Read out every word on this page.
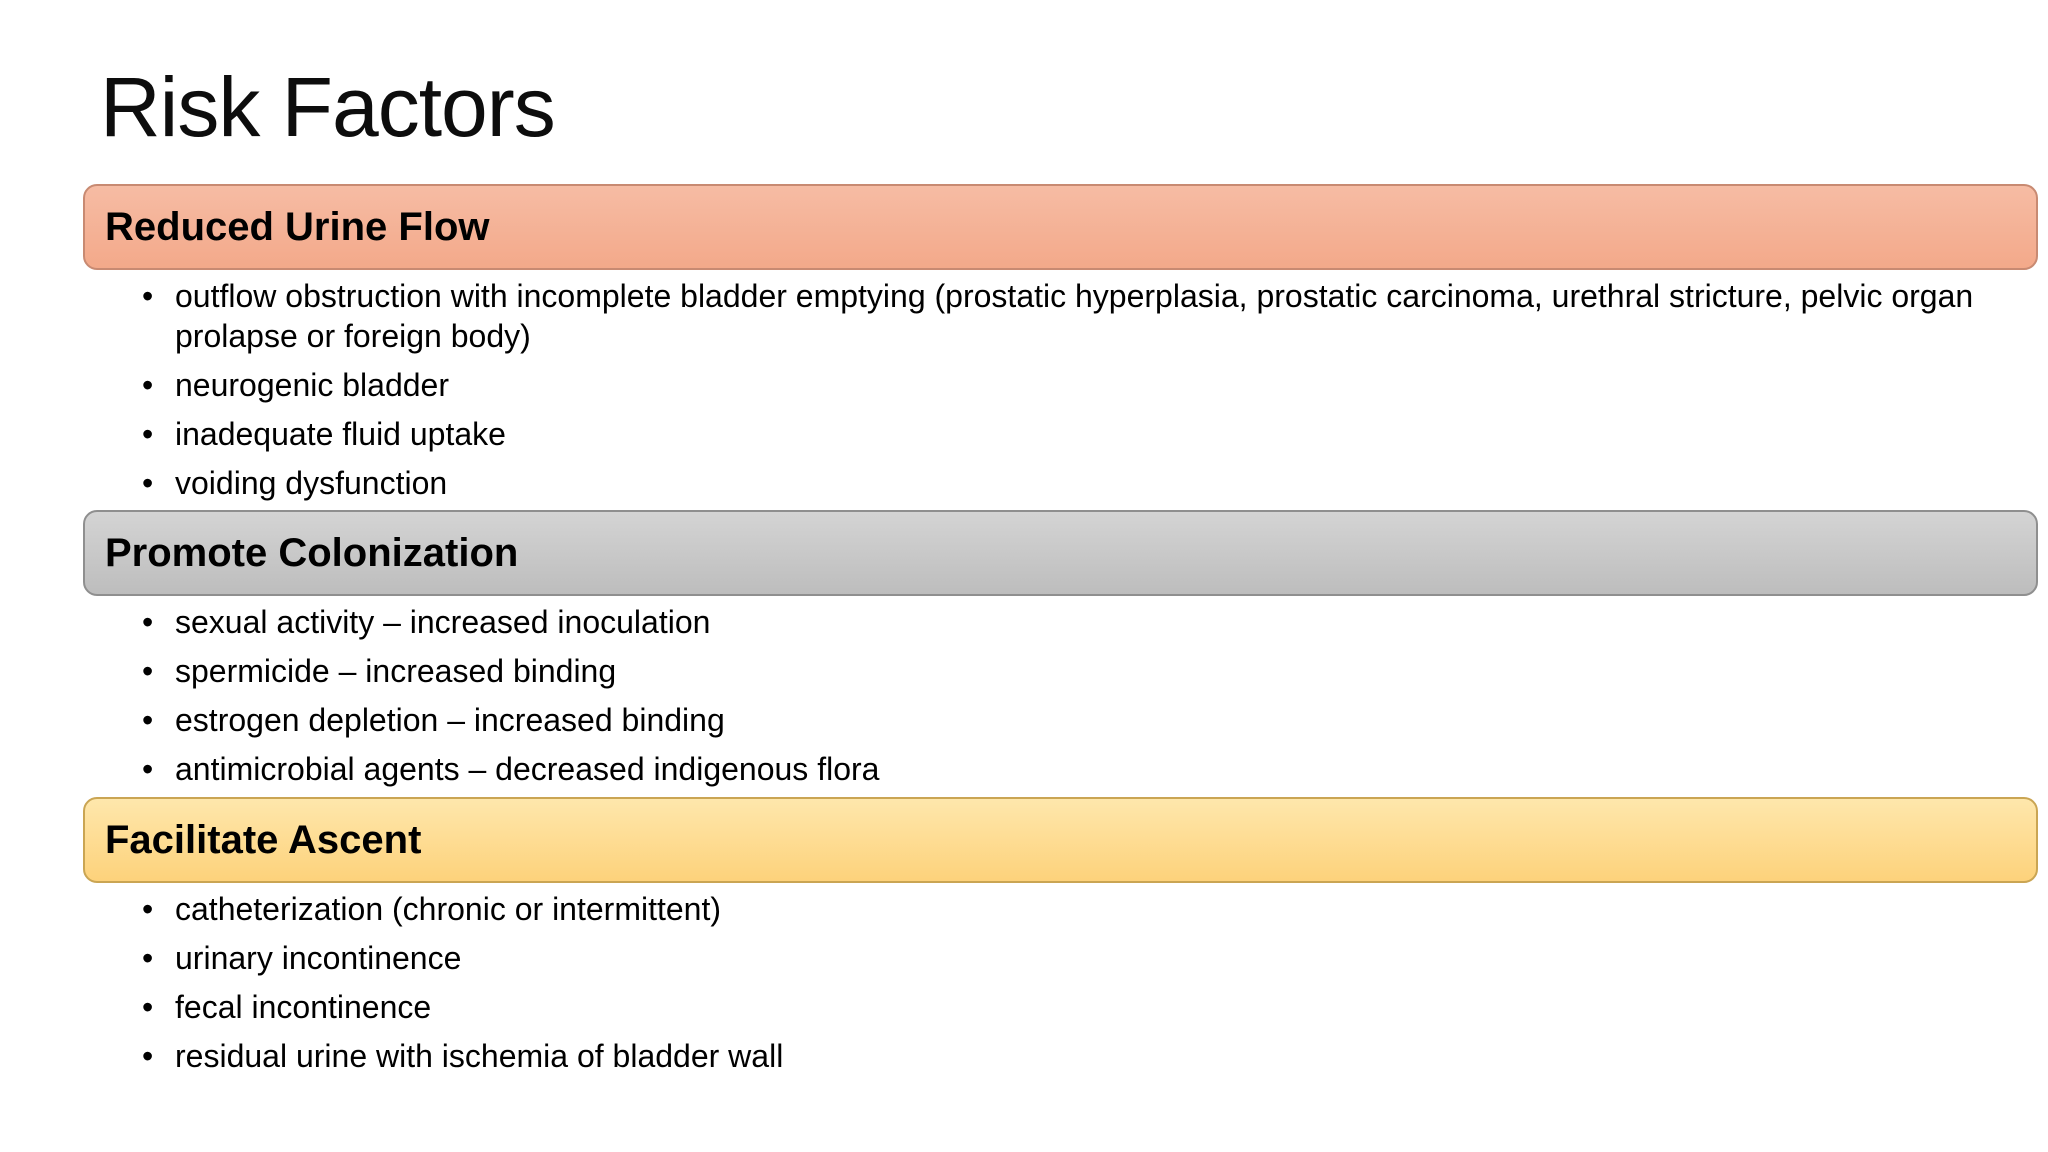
Risk Factors
Reduced Urine Flow
• outflow obstruction with incomplete bladder emptying (prostatic hyperplasia, prostatic carcinoma, urethral stricture, pelvic organ prolapse or foreign body)
• neurogenic bladder
• inadequate fluid uptake
• voiding dysfunction
Promote Colonization
• sexual activity – increased inoculation
• spermicide – increased binding
• estrogen depletion – increased binding
• antimicrobial agents – decreased indigenous flora
Facilitate Ascent
• catheterization (chronic or intermittent)
• urinary incontinence
• fecal incontinence
• residual urine with ischemia of bladder wall
